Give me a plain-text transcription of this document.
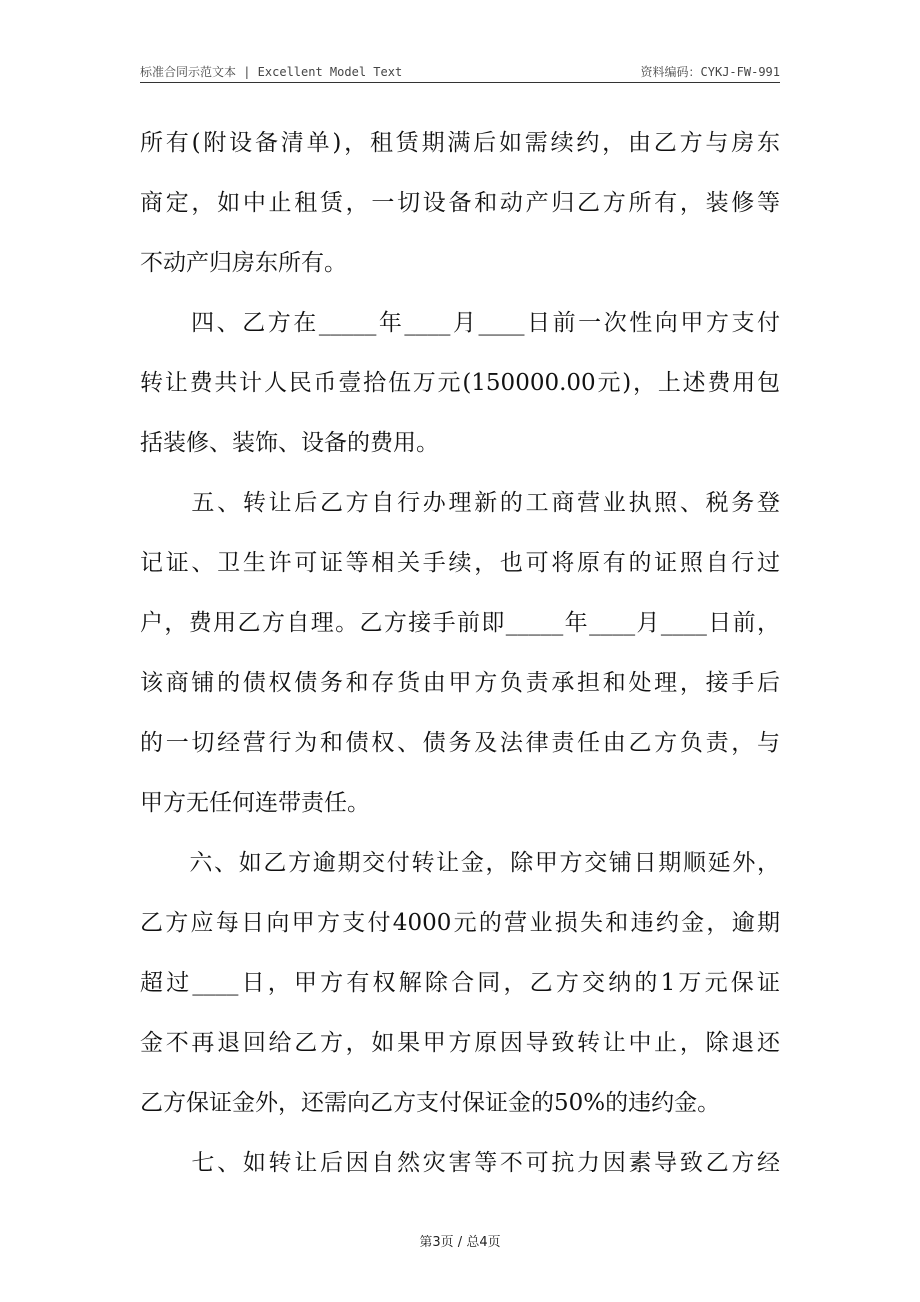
标准合同示范文本 | Excellent Model Text	资料编码：CYKJ-FW-991
所有(附设备清单)，租赁期满后如需续约，由乙方与房东
商定，如中止租赁，一切设备和动产归乙方所有，装修等
不动产归房东所有。
　　四、乙方在_____年____月____日前一次性向甲方支付
转让费共计人民币壹拾伍万元(150000.00元)，上述费用包
括装修、装饰、设备的费用。
　　五、转让后乙方自行办理新的工商营业执照、税务登
记证、卫生许可证等相关手续，也可将原有的证照自行过
户，费用乙方自理。乙方接手前即_____年____月____日前，
该商铺的债权债务和存货由甲方负责承担和处理，接手后
的一切经营行为和债权、债务及法律责任由乙方负责，与
甲方无任何连带责任。
　　六、如乙方逾期交付转让金，除甲方交铺日期顺延外，
乙方应每日向甲方支付4000元的营业损失和违约金，逾期
超过____日，甲方有权解除合同，乙方交纳的1万元保证
金不再退回给乙方，如果甲方原因导致转让中止，除退还
乙方保证金外，还需向乙方支付保证金的50%的违约金。
　　七、如转让后因自然灾害等不可抗力因素导致乙方经
第3页 / 总4页
